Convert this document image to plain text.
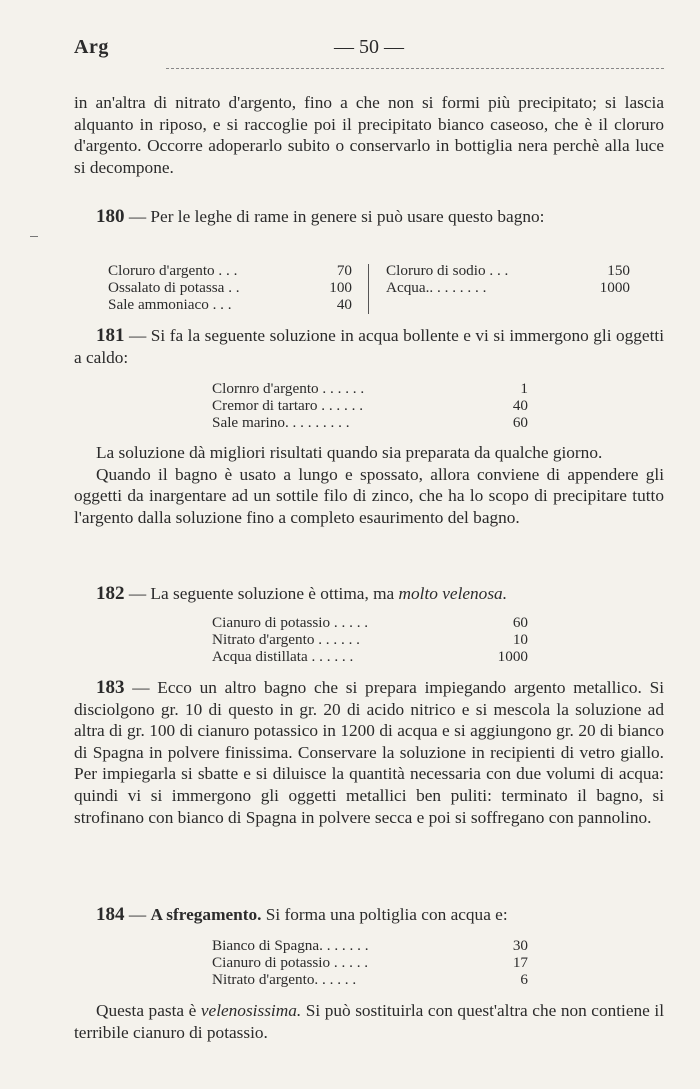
Arg	— 50 —

in an'altra di nitrato d'argento, fino a che non si formi più precipitato; si lascia alquanto in riposo, e si raccoglie poi il precipitato bianco caseoso, che è il cloruro d'argento. Occorre adoperarlo subito o conservarlo in bottiglia nera perchè alla luce si decompone.

180 — Per le leghe di rame in genere si può usare questo bagno:

Cloruro d'argento . . .	70
Ossalato di potassa . .	100
Sale ammoniaco . . .	40
Cloruro di sodio . . .	150
Acqua.. . . . . . . .	1000

181 — Si fa la seguente soluzione in acqua bollente e vi si immergono gli oggetti a caldo:

Clornro d'argento . . . . . .	1
Cremor di tartaro . . . . . .	40
Sale marino. . . . . . . . .	60

La soluzione dà migliori risultati quando sia preparata da qualche giorno.

Quando il bagno è usato a lungo e spossato, allora conviene di appendere gli oggetti da inargentare ad un sottile filo di zinco, che ha lo scopo di precipitare tutto l'argento dalla soluzione fino a completo esaurimento del bagno.

182 — La seguente soluzione è ottima, ma molto velenosa.

Cianuro di potassio . . . . .	60
Nitrato d'argento . . . . . .	10
Acqua distillata . . . . . .	1000

183 — Ecco un altro bagno che si prepara impiegando argento metallico. Si disciolgono gr. 10 di questo in gr. 20 di acido nitrico e si mescola la soluzione ad altra di gr. 100 di cianuro potassico in 1200 di acqua e si aggiungono gr. 20 di bianco di Spagna in polvere finissima. Conservare la soluzione in recipienti di vetro giallo. Per impiegarla si sbatte e si diluisce la quantità necessaria con due volumi di acqua: quindi vi si immergono gli oggetti metallici ben puliti: terminato il bagno, si strofinano con bianco di Spagna in polvere secca e poi si soffregano con pannolino.

184 — A sfregamento. Si forma una poltiglia con acqua e:

Bianco di Spagna. . . . . . .	30
Cianuro di potassio . . . . .	17
Nitrato d'argento. . . . . .	6

Questa pasta è velenosissima. Si può sostituirla con quest'altra che non contiene il terribile cianuro di potassio.
